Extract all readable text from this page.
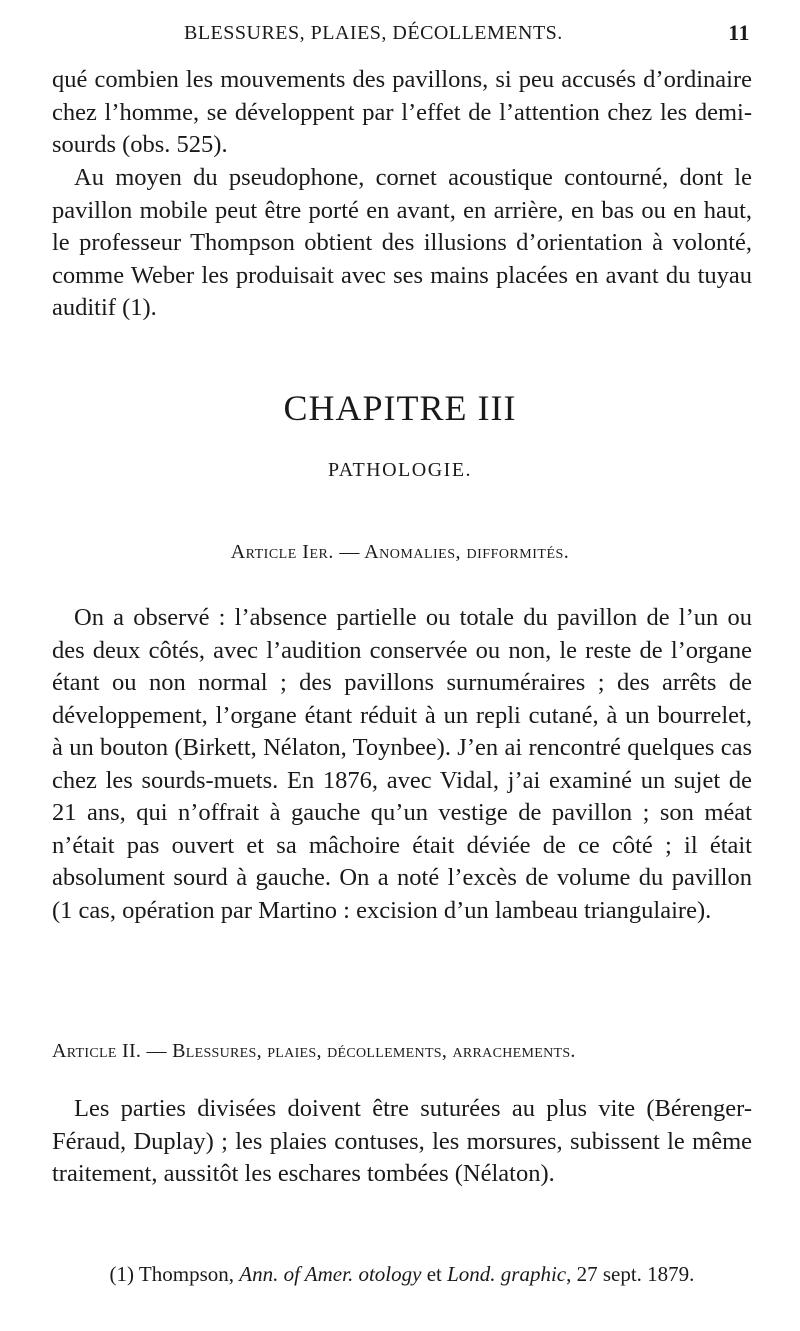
BLESSURES, PLAIES, DÉCOLLEMENTS.	11

qué combien les mouvements des pavillons, si peu accusés d’ordinaire chez l’homme, se développent par l’effet de l’attention chez les demi-sourds (obs. 525).

Au moyen du pseudophone, cornet acoustique contourné, dont le pavillon mobile peut être porté en avant, en arrière, en bas ou en haut, le professeur Thompson obtient des illusions d’orientation à volonté, comme Weber les produisait avec ses mains placées en avant du tuyau auditif (1).

CHAPITRE III
PATHOLOGIE.
Article Ier. — Anomalies, difformités.

On a observé : l’absence partielle ou totale du pavillon de l’un ou des deux côtés, avec l’audition conservée ou non, le reste de l’organe étant ou non normal ; des pavillons surnuméraires ; des arrêts de développement, l’organe étant réduit à un repli cutané, à un bourrelet, à un bouton (Birkett, Nélaton, Toynbee). J’en ai rencontré quelques cas chez les sourds-muets. En 1876, avec Vidal, j’ai examiné un sujet de 21 ans, qui n’offrait à gauche qu’un vestige de pavillon ; son méat n’était pas ouvert et sa mâchoire était déviée de ce côté ; il était absolument sourd à gauche. On a noté l’excès de volume du pavillon (1 cas, opération par Martino : excision d’un lambeau triangulaire).

Article II. — Blessures, plaies, décollements, arrachements.

Les parties divisées doivent être suturées au plus vite (Bérenger-Féraud, Duplay) ; les plaies contuses, les morsures, subissent le même traitement, aussitôt les eschares tombées (Nélaton).

(1) Thompson, Ann. of Amer. otology et Lond. graphic, 27 sept. 1879.
